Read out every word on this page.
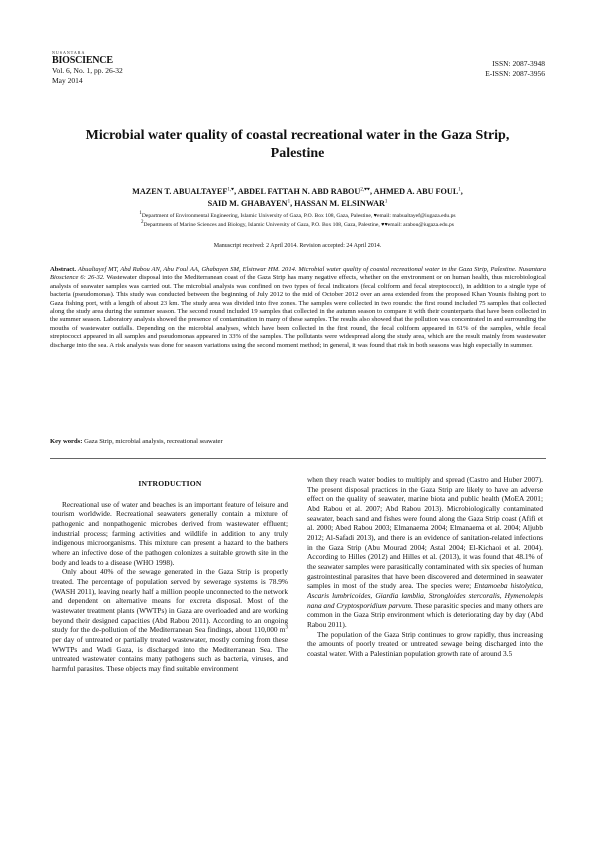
NUSANTARA
BIOSCIENCE
Vol. 6, No. 1, pp. 26-32
May 2014
ISSN: 2087-3948
E-ISSN: 2087-3956
Microbial water quality of coastal recreational water in the Gaza Strip, Palestine

MAZEN T. $ABUALTAYEF^{1,♥}$, ABDEL FATTAH N. ABD $RABOU^{2,♥♥}$, AHMED A. ABU FOUL$^1$,
SAID M. GHABAYEN$^1$, HASSAN M. ELSINWAR$^1$

$^1$Department of Environmental Engineering, Islamic University of Gaza, P.O. Box 108, Gaza, Palestine, ♥email: mabualtayef@iugaza.edu.ps
$^2$Departments of Marine Sciences and Biology, Islamic University of Gaza, P.O. Box 108, Gaza, Palestine, ♥♥email: arabou@iugaza.edu.ps

Manuscript received: 2 April 2014. Revision accepted: 24 April 2014.

Abstract. Abualtayef MT, Abd Rabou AN, Abu Foul AA, Ghabayen SM, Elsinwar HM. 2014. Microbial water quality of coastal recreational water in the Gaza Strip, Palestine. Nusantara Bioscience 6: 26-32. Wastewater disposal into the Mediterranean coast of the Gaza Strip has many negative effects, whether on the environment or on human health, thus microbiological analysis of seawater samples was carried out. The microbial analysis was confined on two types of fecal indicators (fecal coliform and fecal streptococci), in addition to a single type of bacteria (pseudomonas). This study was conducted between the beginning of July 2012 to the mid of October 2012 over an area extended from the proposed Khan Younis fishing port to Gaza fishing port, with a length of about 23 km. The study area was divided into five zones. The samples were collected in two rounds: the first round included 75 samples that collected along the study area during the summer season. The second round included 19 samples that collected in the autumn season to compare it with their counterparts that have been collected in the summer season. Laboratory analysis showed the presence of contamination in many of these samples. The results also showed that the pollution was concentrated in and surrounding the mouths of wastewater outfalls. Depending on the microbial analyses, which have been collected in the first round, the fecal coliform appeared in 61% of the samples, while fecal streptococci appeared in all samples and pseudomonas appeared in 33% of the samples. The pollutants were widespread along the study area, which are the result mainly from wastewater discharge into the sea. A risk analysis was done for season variations using the second moment method; in general, it was found that risk in both seasons was high especially in summer.

Key words: Gaza Strip, microbial analysis, recreational seawater

INTRODUCTION

Recreational use of water and beaches is an important feature of leisure and tourism worldwide. Recreational seawaters generally contain a mixture of pathogenic and nonpathogenic microbes derived from wastewater effluent; industrial process; farming activities and wildlife in addition to any truly indigenous microorganisms. This mixture can present a hazard to the bathers where an infective dose of the pathogen colonizes a suitable growth site in the body and leads to a disease (WHO 1998).

Only about 40% of the sewage generated in the Gaza Strip is properly treated. The percentage of population served by sewerage systems is 78.9% (WASH 2011), leaving nearly half a million people unconnected to the network and dependent on alternative means for excreta disposal. Most of the wastewater treatment plants (WWTPs) in Gaza are overloaded and are working beyond their designed capacities (Abd Rabou 2011). According to an ongoing study for the de-pollution of the Mediterranean Sea findings, about 110,000 $m^3$ per day of untreated or partially treated wastewater, mostly coming from these WWTPs and Wadi Gaza, is discharged into the Mediterranean Sea. The untreated wastewater contains many pathogens such as bacteria, viruses, and harmful parasites. These objects may find suitable environment

when they reach water bodies to multiply and spread (Castro and Huber 2007). The present disposal practices in the Gaza Strip are likely to have an adverse effect on the quality of seawater, marine biota and public health (MoEA 2001; Abd Rabou et al. 2007; Abd Rabou 2013). Microbiologically contaminated seawater, beach sand and fishes were found along the Gaza Strip coast (Afifi et al. 2000; Abed Rabou 2003; Elmanaema 2004; Elmanaema et al. 2004; Aljubb 2012; Al-Safadi 2013), and there is an evidence of sanitation-related infections in the Gaza Strip (Abu Mourad 2004; Astal 2004; El-Kichaoi et al. 2004). According to Hilles (2012) and Hilles et al. (2013), it was found that 48.1% of the seawater samples were parasitically contaminated with six species of human gastrointestinal parasites that have been discovered and determined in seawater samples in most of the study area. The species were; Entamoeba histolytica, Ascaris lumbricoides, Giardia lamblia, Strongloides stercoralis, Hymenolepis nana and Cryptosporidium parvum. These parasitic species and many others are common in the Gaza Strip environment which is deteriorating day by day (Abd Rabou 2011).

The population of the Gaza Strip continues to grow rapidly, thus increasing the amounts of poorly treated or untreated sewage being discharged into the coastal water. With a Palestinian population growth rate of around 3.5
